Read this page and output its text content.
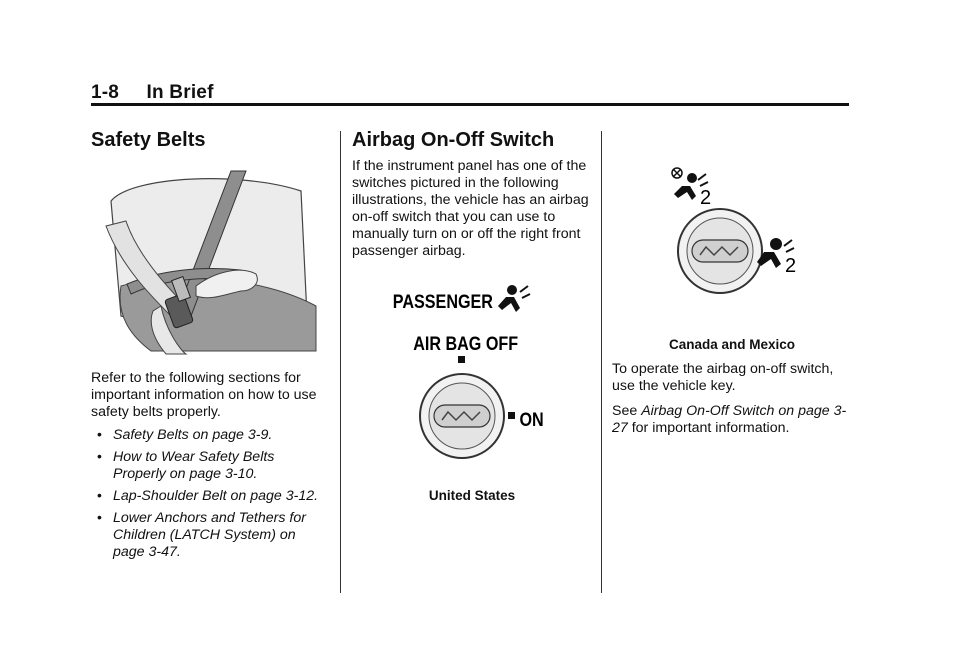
1-8 In Brief
Safety Belts

Refer to the following sections for important information on how to use safety belts properly.

• Safety Belts on page 3-9.
• How to Wear Safety Belts Properly on page 3-10.
• Lap-Shoulder Belt on page 3-12.
• Lower Anchors and Tethers for Children (LATCH System) on page 3-47.
Airbag On-Off Switch

If the instrument panel has one of the switches pictured in the following illustrations, the vehicle has an airbag on-off switch that you can use to manually turn on or off the right front passenger airbag.

PASSENGER
AIR BAG OFF
ON
United States
2
2
Canada and Mexico

To operate the airbag on-off switch, use the vehicle key.

See Airbag On-Off Switch on page 3-27 for important information.
